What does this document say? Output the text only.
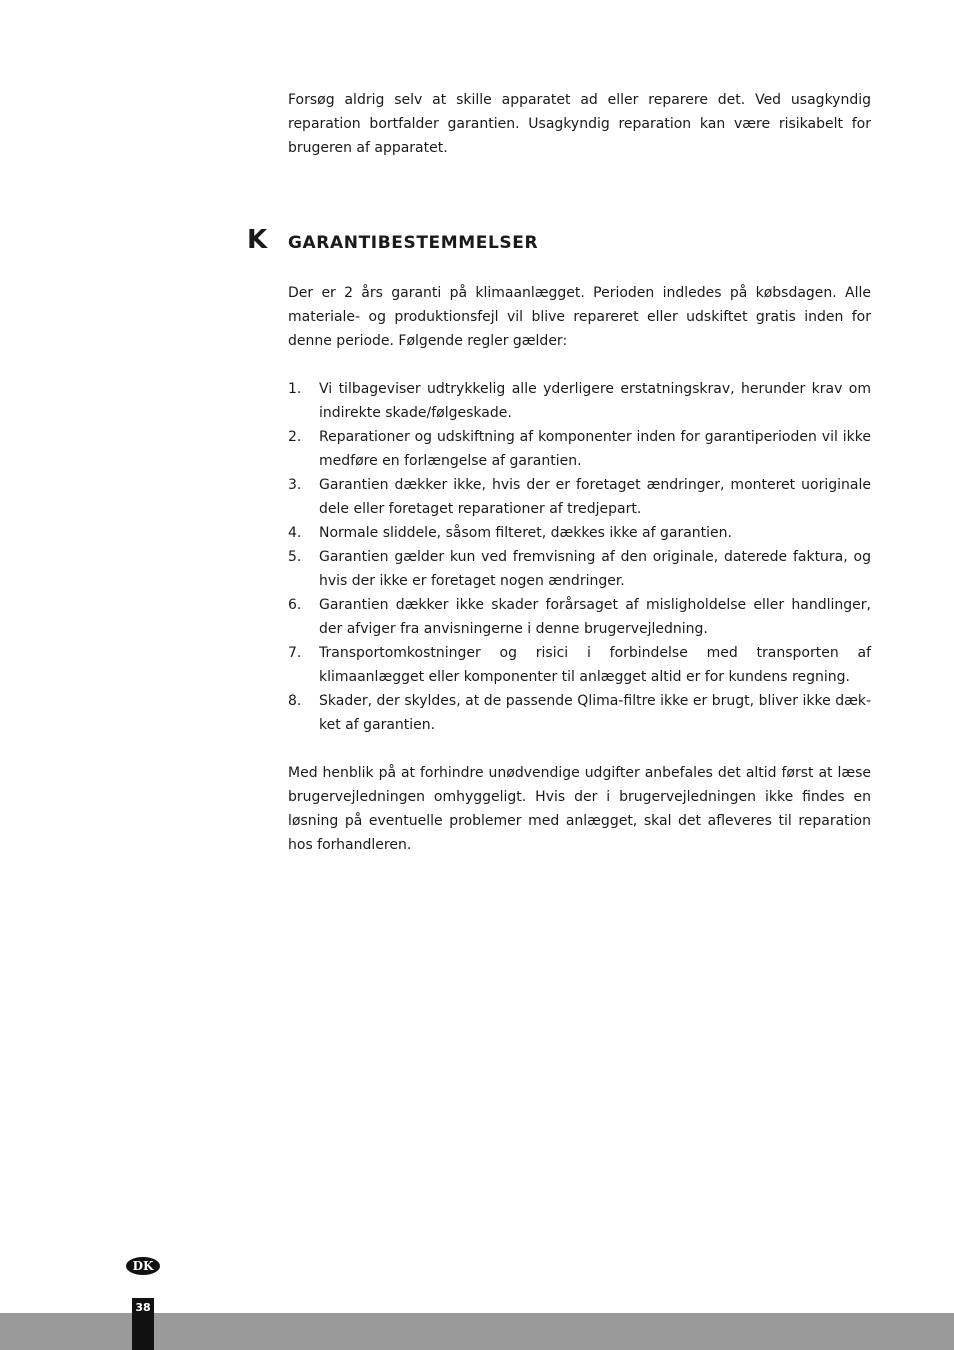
Forsøg aldrig selv at skille apparatet ad eller reparere det. Ved usagkyndig reparation bortfalder garantien. Usagkyndig reparation kan være risikabelt for brugeren af apparatet.

K GARANTIBESTEMMELSER

Der er 2 års garanti på klimaanlægget. Perioden indledes på købsdagen. Alle materiale- og produktionsfejl vil blive repareret eller udskiftet gratis inden for denne periode. Følgende regler gælder:

1.	Vi tilbageviser udtrykkelig alle yderligere erstatningskrav, herunder krav om indirekte skade/følgeskade.
2.	Reparationer og udskiftning af komponenter inden for garantiperioden vil ikke medføre en forlængelse af garantien.
3.	Garantien dækker ikke, hvis der er foretaget ændringer, monteret uoriginale dele eller foretaget reparationer af tredjepart.
4.	Normale sliddele, såsom filteret, dækkes ikke af garantien.
5.	Garantien gælder kun ved fremvisning af den originale, daterede faktura, og hvis der ikke er foretaget nogen ændringer.
6.	Garantien dækker ikke skader forårsaget af misligholdelse eller handlinger, der afviger fra anvisningerne i denne brugervejledning.
7.	Transportomkostninger og risici i forbindelse med transporten af klimaanlægget eller komponenter til anlægget altid er for kundens regning.
8.	Skader, der skyldes, at de passende Qlima-filtre ikke er brugt, bliver ikke dæk-ket af garantien.

Med henblik på at forhindre unødvendige udgifter anbefales det altid først at læse brugervejledningen omhyggeligt. Hvis der i brugervejledningen ikke findes en løsning på eventuelle problemer med anlægget, skal det afleveres til reparation hos forhandleren.

DK
38
